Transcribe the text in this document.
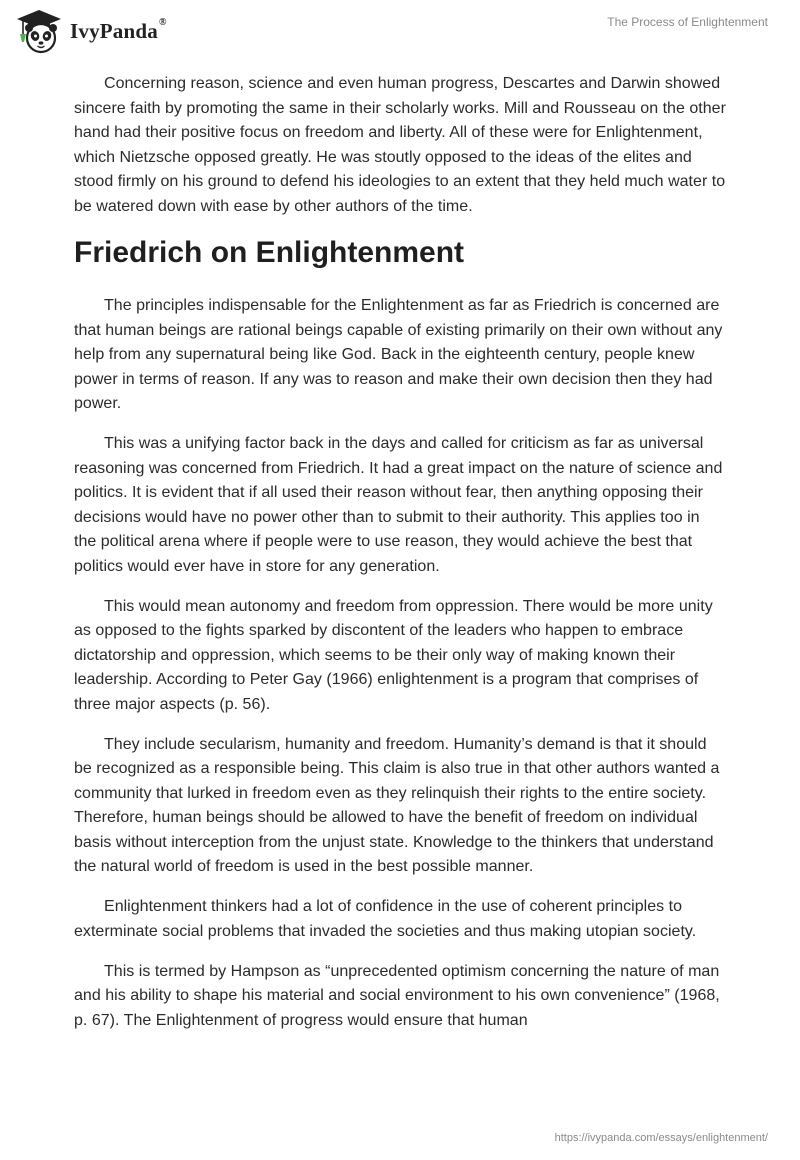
IvyPanda®	The Process of Enlightenment

Concerning reason, science and even human progress, Descartes and Darwin showed sincere faith by promoting the same in their scholarly works. Mill and Rousseau on the other hand had their positive focus on freedom and liberty. All of these were for Enlightenment, which Nietzsche opposed greatly. He was stoutly opposed to the ideas of the elites and stood firmly on his ground to defend his ideologies to an extent that they held much water to be watered down with ease by other authors of the time.

Friedrich on Enlightenment

The principles indispensable for the Enlightenment as far as Friedrich is concerned are that human beings are rational beings capable of existing primarily on their own without any help from any supernatural being like God. Back in the eighteenth century, people knew power in terms of reason. If any was to reason and make their own decision then they had power.

This was a unifying factor back in the days and called for criticism as far as universal reasoning was concerned from Friedrich. It had a great impact on the nature of science and politics. It is evident that if all used their reason without fear, then anything opposing their decisions would have no power other than to submit to their authority. This applies too in the political arena where if people were to use reason, they would achieve the best that politics would ever have in store for any generation.

This would mean autonomy and freedom from oppression. There would be more unity as opposed to the fights sparked by discontent of the leaders who happen to embrace dictatorship and oppression, which seems to be their only way of making known their leadership. According to Peter Gay (1966) enlightenment is a program that comprises of three major aspects (p. 56).

They include secularism, humanity and freedom. Humanity’s demand is that it should be recognized as a responsible being. This claim is also true in that other authors wanted a community that lurked in freedom even as they relinquish their rights to the entire society. Therefore, human beings should be allowed to have the benefit of freedom on individual basis without interception from the unjust state. Knowledge to the thinkers that understand the natural world of freedom is used in the best possible manner.

Enlightenment thinkers had a lot of confidence in the use of coherent principles to exterminate social problems that invaded the societies and thus making utopian society.

This is termed by Hampson as “unprecedented optimism concerning the nature of man and his ability to shape his material and social environment to his own convenience” (1968, p. 67). The Enlightenment of progress would ensure that human

https://ivypanda.com/essays/enlightenment/
